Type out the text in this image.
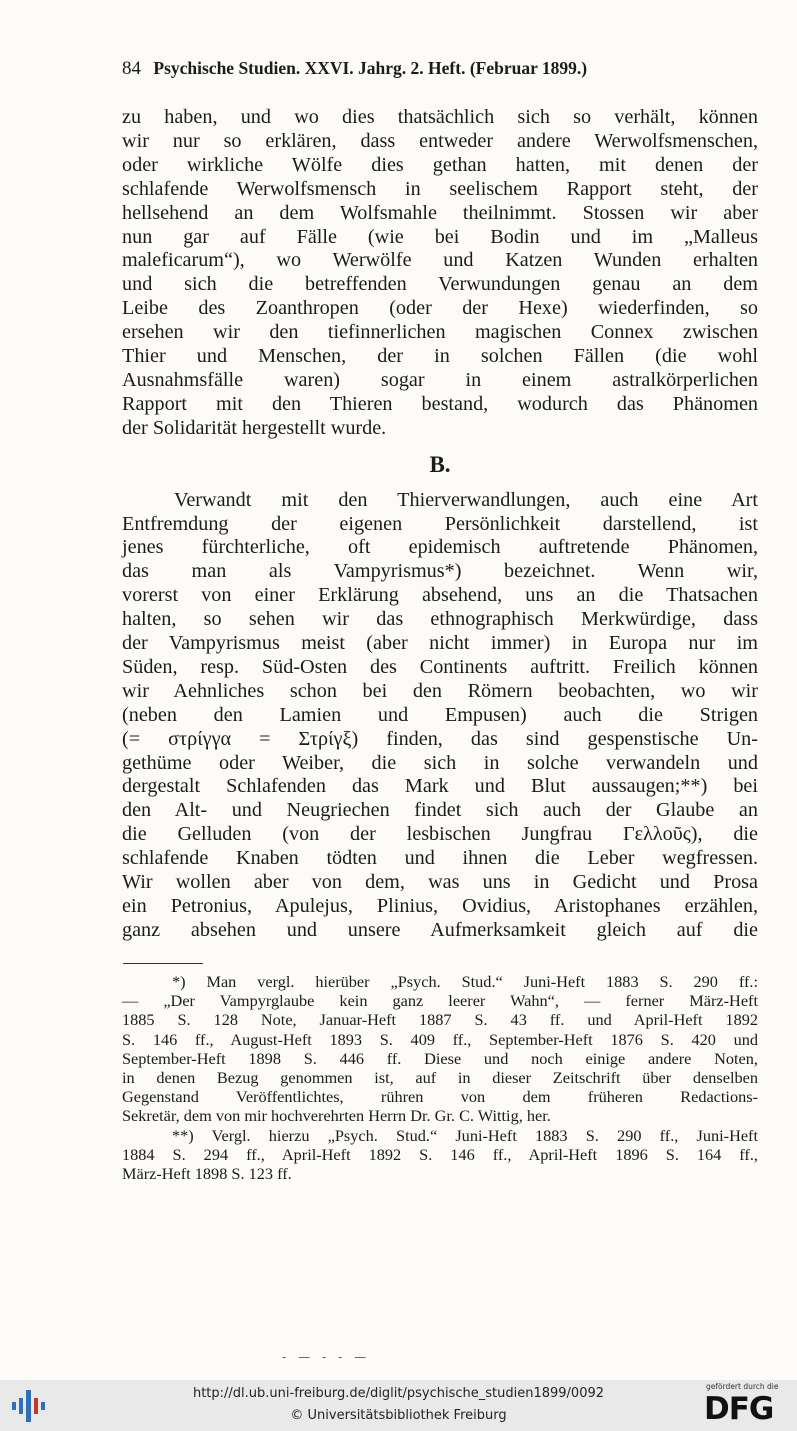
84 Psychische Studien. XXVI. Jahrg. 2. Heft. (Februar 1899.)
zu haben, und wo dies thatsächlich sich so verhält, können
wir nur so erklären, dass entweder andere Werwolfsmenschen,
oder wirkliche Wölfe dies gethan hatten, mit denen der
schlafende Werwolfsmensch in seelischem Rapport steht, der
hellsehend an dem Wolfsmahle theilnimmt. Stossen wir aber
nun gar auf Fälle (wie bei Bodin und im „Malleus
maleficarum“), wo Werwölfe und Katzen Wunden erhalten
und sich die betreffenden Verwundungen genau an dem
Leibe des Zoanthropen (oder der Hexe) wiederfinden, so
ersehen wir den tiefinnerlichen magischen Connex zwischen
Thier und Menschen, der in solchen Fällen (die wohl
Ausnahmsfälle waren) sogar in einem astralkörperlichen
Rapport mit den Thieren bestand, wodurch das Phänomen
der Solidarität hergestellt wurde.
B.
Verwandt mit den Thierverwandlungen, auch eine Art
Entfremdung der eigenen Persönlichkeit darstellend, ist
jenes fürchterliche, oft epidemisch auftretende Phänomen,
das man als Vampyrismus*) bezeichnet. Wenn wir,
vorerst von einer Erklärung absehend, uns an die Thatsachen
halten, so sehen wir das ethnographisch Merkwürdige, dass
der Vampyrismus meist (aber nicht immer) in Europa nur im
Süden, resp. Süd-Osten des Continents auftritt. Freilich können
wir Aehnliches schon bei den Römern beobachten, wo wir
(neben den Lamien und Empusen) auch die Strigen
(= στρίγγα = Στρίγξ) finden, das sind gespenstische Un-
gethüme oder Weiber, die sich in solche verwandeln und
dergestalt Schlafenden das Mark und Blut aussaugen;**) bei
den Alt- und Neugriechen findet sich auch der Glaube an
die Gelluden (von der lesbischen Jungfrau Γελλοῦς), die
schlafende Knaben tödten und ihnen die Leber wegfressen.
Wir wollen aber von dem, was uns in Gedicht und Prosa
ein Petronius, Apulejus, Plinius, Ovidius, Aristophanes erzählen,
ganz absehen und unsere Aufmerksamkeit gleich auf die
*) Man vergl. hierüber „Psych. Stud.“ Juni-Heft 1883 S. 290 ff.:
— „Der Vampyrglaube kein ganz leerer Wahn“, — ferner März-Heft
1885 S. 128 Note, Januar-Heft 1887 S. 43 ff. und April-Heft 1892
S. 146 ff., August-Heft 1893 S. 409 ff., September-Heft 1876 S. 420 und
September-Heft 1898 S. 446 ff. Diese und noch einige andere Noten,
in denen Bezug genommen ist, auf in dieser Zeitschrift über denselben
Gegenstand Veröffentlichtes, rühren von dem früheren Redactions-
Sekretär, dem von mir hochverehrten Herrn Dr. Gr. C. Wittig, her.
**) Vergl. hierzu „Psych. Stud.“ Juni-Heft 1883 S. 290 ff., Juni-Heft
1884 S. 294 ff., April-Heft 1892 S. 146 ff., April-Heft 1896 S. 164 ff.,
März-Heft 1898 S. 123 ff.
- — - - —
http://dl.ub.uni-freiburg.de/diglit/psychische_studien1899/0092
© Universitätsbibliothek Freiburg
gefördert durch die
DFG
